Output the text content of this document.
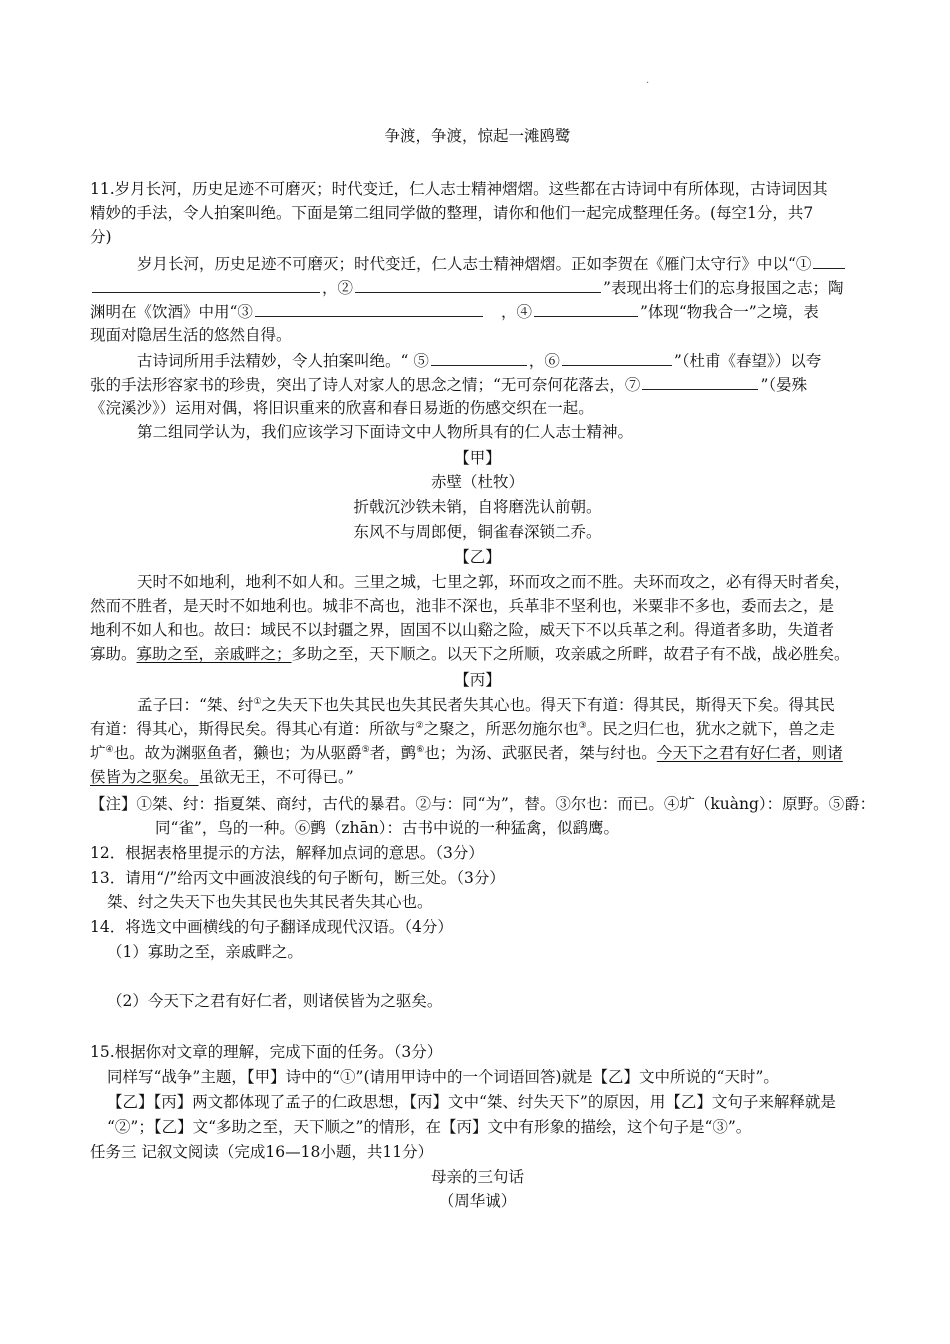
·
争渡，争渡，惊起一滩鸥鹭
11.岁月长河，历史足迹不可磨灭；时代变迁，仁人志士精神熠熠。这些都在古诗词中有所体现，古诗词因其
精妙的手法，令人拍案叫绝。下面是第二组同学做的整理，请你和他们一起完成整理任务。(每空1分，共7
分)
岁月长河，历史足迹不可磨灭；时代变迁，仁人志士精神熠熠。正如李贺在《雁门太守行》中以“①
，②	”表现出将士们的忘身报国之志；陶
渊明在《饮酒》中用“③	，④	”体现“物我合一”之境，表
现面对隐居生活的悠然自得。
古诗词所用手法精妙，令人拍案叫绝。“ ⑤	，⑥	”（杜甫《春望》）以夸
张的手法形容家书的珍贵，突出了诗人对家人的思念之情；“无可奈何花落去，⑦	”（晏殊
《浣溪沙》）运用对偶，将旧识重来的欣喜和春日易逝的伤感交织在一起。
第二组同学认为，我们应该学习下面诗文中人物所具有的仁人志士精神。
【甲】
赤壁（杜牧）
折戟沉沙铁未销，自将磨洗认前朝。
东风不与周郎便，铜雀春深锁二乔。
【乙】
天时不如地利，地利不如人和。三里之城，七里之郭，环而攻之而不胜。夫环而攻之，必有得天时者矣，
然而不胜者，是天时不如地利也。城非不高也，池非不深也，兵革非不坚利也，米粟非不多也，委而去之，是
地利不如人和也。故曰：域民不以封疆之界，固国不以山谿之险，威天下不以兵革之利。得道者多助，失道者
寡助。寡助之至，亲戚畔之；多助之至，天下顺之。以天下之所顺，攻亲戚之所畔，故君子有不战，战必胜矣。
【丙】
孟子曰：“桀、纣①之失天下也失其民也失其民者失其心也。得天下有道：得其民，斯得天下矣。得其民
有道：得其心，斯得民矣。得其心有道：所欲与②之聚之，所恶勿施尔也③。民之归仁也，犹水之就下，兽之走
圹④也。故为渊驱鱼者，獭也；为从驱爵⑤者，鹯⑥也；为汤、武驱民者，桀与纣也。今天下之君有好仁者，则诸
侯皆为之驱矣。虽欲无王，不可得已。”
【注】①桀、纣：指夏桀、商纣，古代的暴君。②与：同“为”，替。③尔也：而已。④圹（kuàng）：原野。⑤爵：
同“雀”，鸟的一种。⑥鹯（zhān）：古书中说的一种猛禽，似鹞鹰。
12．根据表格里提示的方法，解释加点词的意思。（3分）
13．请用“/”给丙文中画波浪线的句子断句，断三处。（3分）
桀、纣之失天下也失其民也失其民者失其心也。
14．将选文中画横线的句子翻译成现代汉语。（4分）
（1）寡助之至，亲戚畔之。
（2）今天下之君有好仁者，则诸侯皆为之驱矣。
15.根据你对文章的理解，完成下面的任务。（3分）
同样写“战争”主题，【甲】诗中的“①”(请用甲诗中的一个词语回答)就是【乙】文中所说的“天时”。
【乙】【丙】两文都体现了孟子的仁政思想，【丙】文中“桀、纣失天下”的原因，用【乙】文句子来解释就是
“②”；【乙】文“多助之至，天下顺之”的情形，在【丙】文中有形象的描绘，这个句子是“③”。
任务三 记叙文阅读（完成16—18小题，共11分）
母亲的三句话
（周华诚）
